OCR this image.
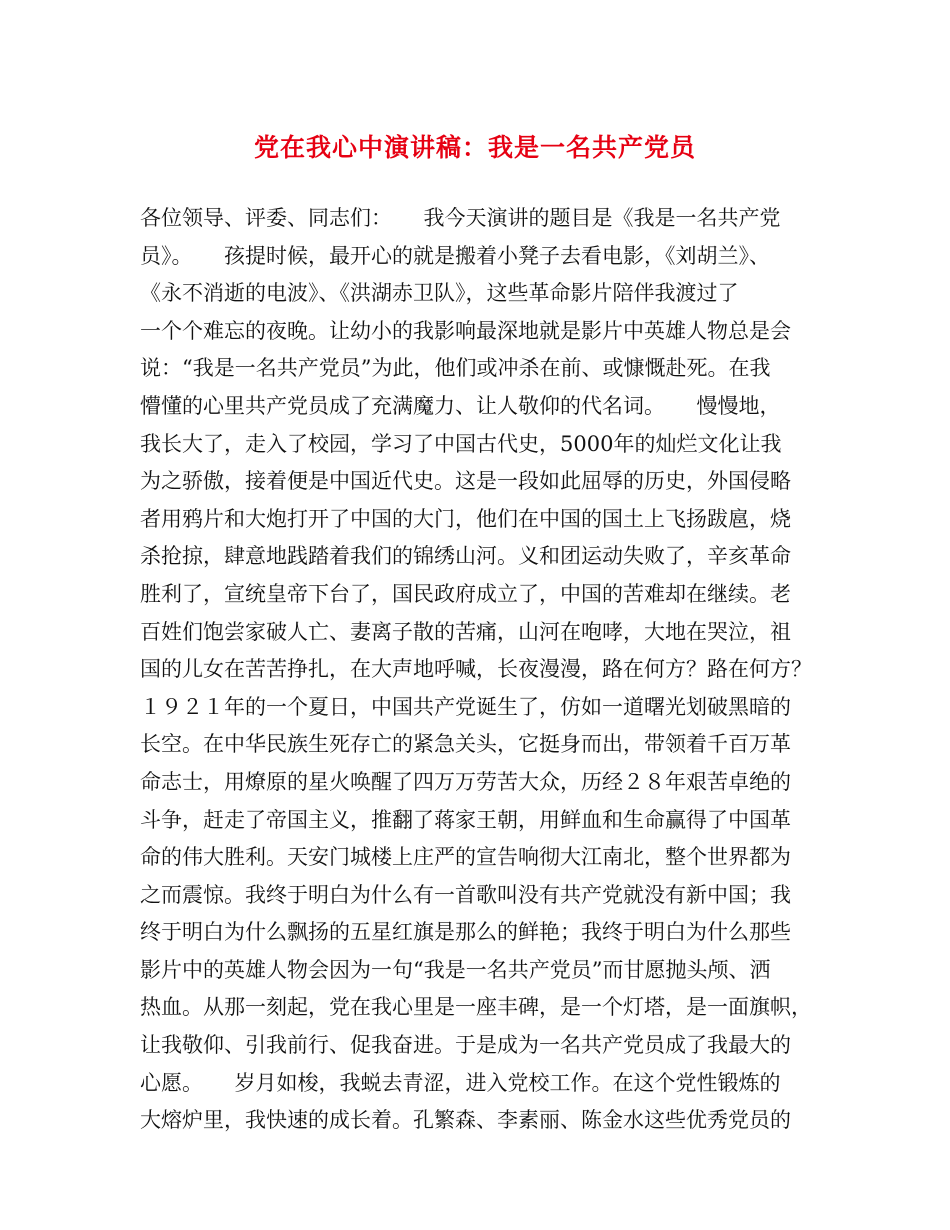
党在我心中演讲稿：我是一名共产党员
各位领导、评委、同志们：　　我今天演讲的题目是《我是一名共产党
员》。　　孩提时候，最开心的就是搬着小凳子去看电影，《刘胡兰》、
《永不消逝的电波》、《洪湖赤卫队》，这些革命影片陪伴我渡过了
一个个难忘的夜晚。让幼小的我影响最深地就是影片中英雄人物总是会
说：“我是一名共产党员”为此，他们或冲杀在前、或慷慨赴死。在我
懵懂的心里共产党员成了充满魔力、让人敬仰的代名词。　　慢慢地，
我长大了，走入了校园，学习了中国古代史，5000年的灿烂文化让我
为之骄傲，接着便是中国近代史。这是一段如此屈辱的历史，外国侵略
者用鸦片和大炮打开了中国的大门，他们在中国的国土上飞扬跋扈，烧
杀抢掠，肆意地践踏着我们的锦绣山河。义和团运动失败了，辛亥革命
胜利了，宣统皇帝下台了，国民政府成立了，中国的苦难却在继续。老
百姓们饱尝家破人亡、妻离子散的苦痛，山河在咆哮，大地在哭泣，祖
国的儿女在苦苦挣扎，在大声地呼喊，长夜漫漫，路在何方？路在何方？
１９２１年的一个夏日，中国共产党诞生了，仿如一道曙光划破黑暗的
长空。在中华民族生死存亡的紧急关头，它挺身而出，带领着千百万革
命志士，用燎原的星火唤醒了四万万劳苦大众，历经２８年艰苦卓绝的
斗争，赶走了帝国主义，推翻了蒋家王朝，用鲜血和生命赢得了中国革
命的伟大胜利。天安门城楼上庄严的宣告响彻大江南北，整个世界都为
之而震惊。我终于明白为什么有一首歌叫没有共产党就没有新中国；我
终于明白为什么飘扬的五星红旗是那么的鲜艳；我终于明白为什么那些
影片中的英雄人物会因为一句“我是一名共产党员”而甘愿抛头颅、洒
热血。从那一刻起，党在我心里是一座丰碑，是一个灯塔，是一面旗帜，
让我敬仰、引我前行、促我奋进。于是成为一名共产党员成了我最大的
心愿。　　岁月如梭，我蜕去青涩，进入党校工作。在这个党性锻炼的
大熔炉里，我快速的成长着。孔繁森、李素丽、陈金水这些优秀党员的
